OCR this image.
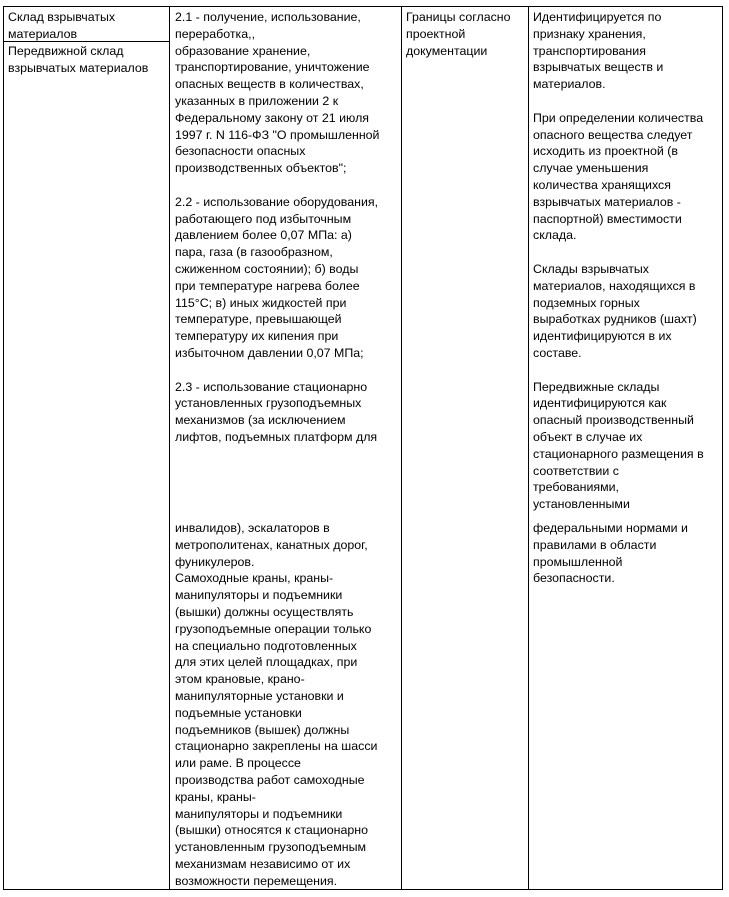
Склад взрывчатых
материалов

Передвижной склад
взрывчатых материалов

2.1 - получение, использование,
переработка,,
образование хранение,
транспортирование, уничтожение
опасных веществ в количествах,
указанных в приложении 2 к
Федеральному закону от 21 июля
1997 г. N 116-ФЗ "О промышленной
безопасности опасных
производственных объектов";

2.2 - использование оборудования,
работающего под избыточным
давлением более 0,07 МПа: а)
пара, газа (в газообразном,
сжиженном состоянии); б) воды
при температуре нагрева более
115°С; в) иных жидкостей при
температуре, превышающей
температуру их кипения при
избыточном давлении 0,07 МПа;

2.3 - использование стационарно
установленных грузоподъемных
механизмов (за исключением
лифтов, подъемных платформ для

инвалидов), эскалаторов в
метрополитенах, канатных дорог,
фуникулеров.
Самоходные краны, краны-
манипуляторы и подъемники
(вышки) должны осуществлять
грузоподъемные операции только
на специально подготовленных
для этих целей площадках, при
этом крановые, крано-
манипуляторные установки и
подъемные установки
подъемников (вышек) должны
стационарно закреплены на шасси
или раме. В процессе
производства работ самоходные
краны, краны-
манипуляторы и подъемники
(вышки) относятся к стационарно
установленным грузоподъемным
механизмам независимо от их
возможности перемещения.

Границы согласно
проектной
документации

Идентифицируется по
признаку хранения,
транспортирования
взрывчатых веществ и
материалов.

При определении количества
опасного вещества следует
исходить из проектной (в
случае уменьшения
количества хранящихся
взрывчатых материалов -
паспортной) вместимости
склада.

Склады взрывчатых
материалов, находящихся в
подземных горных
выработках рудников (шахт)
идентифицируются в их
составе.

Передвижные склады
идентифицируются как
опасный производственный
объект в случае их
стационарного размещения в
соответствии с
требованиями,
установленными

федеральными нормами и
правилами в области
промышленной
безопасности.
